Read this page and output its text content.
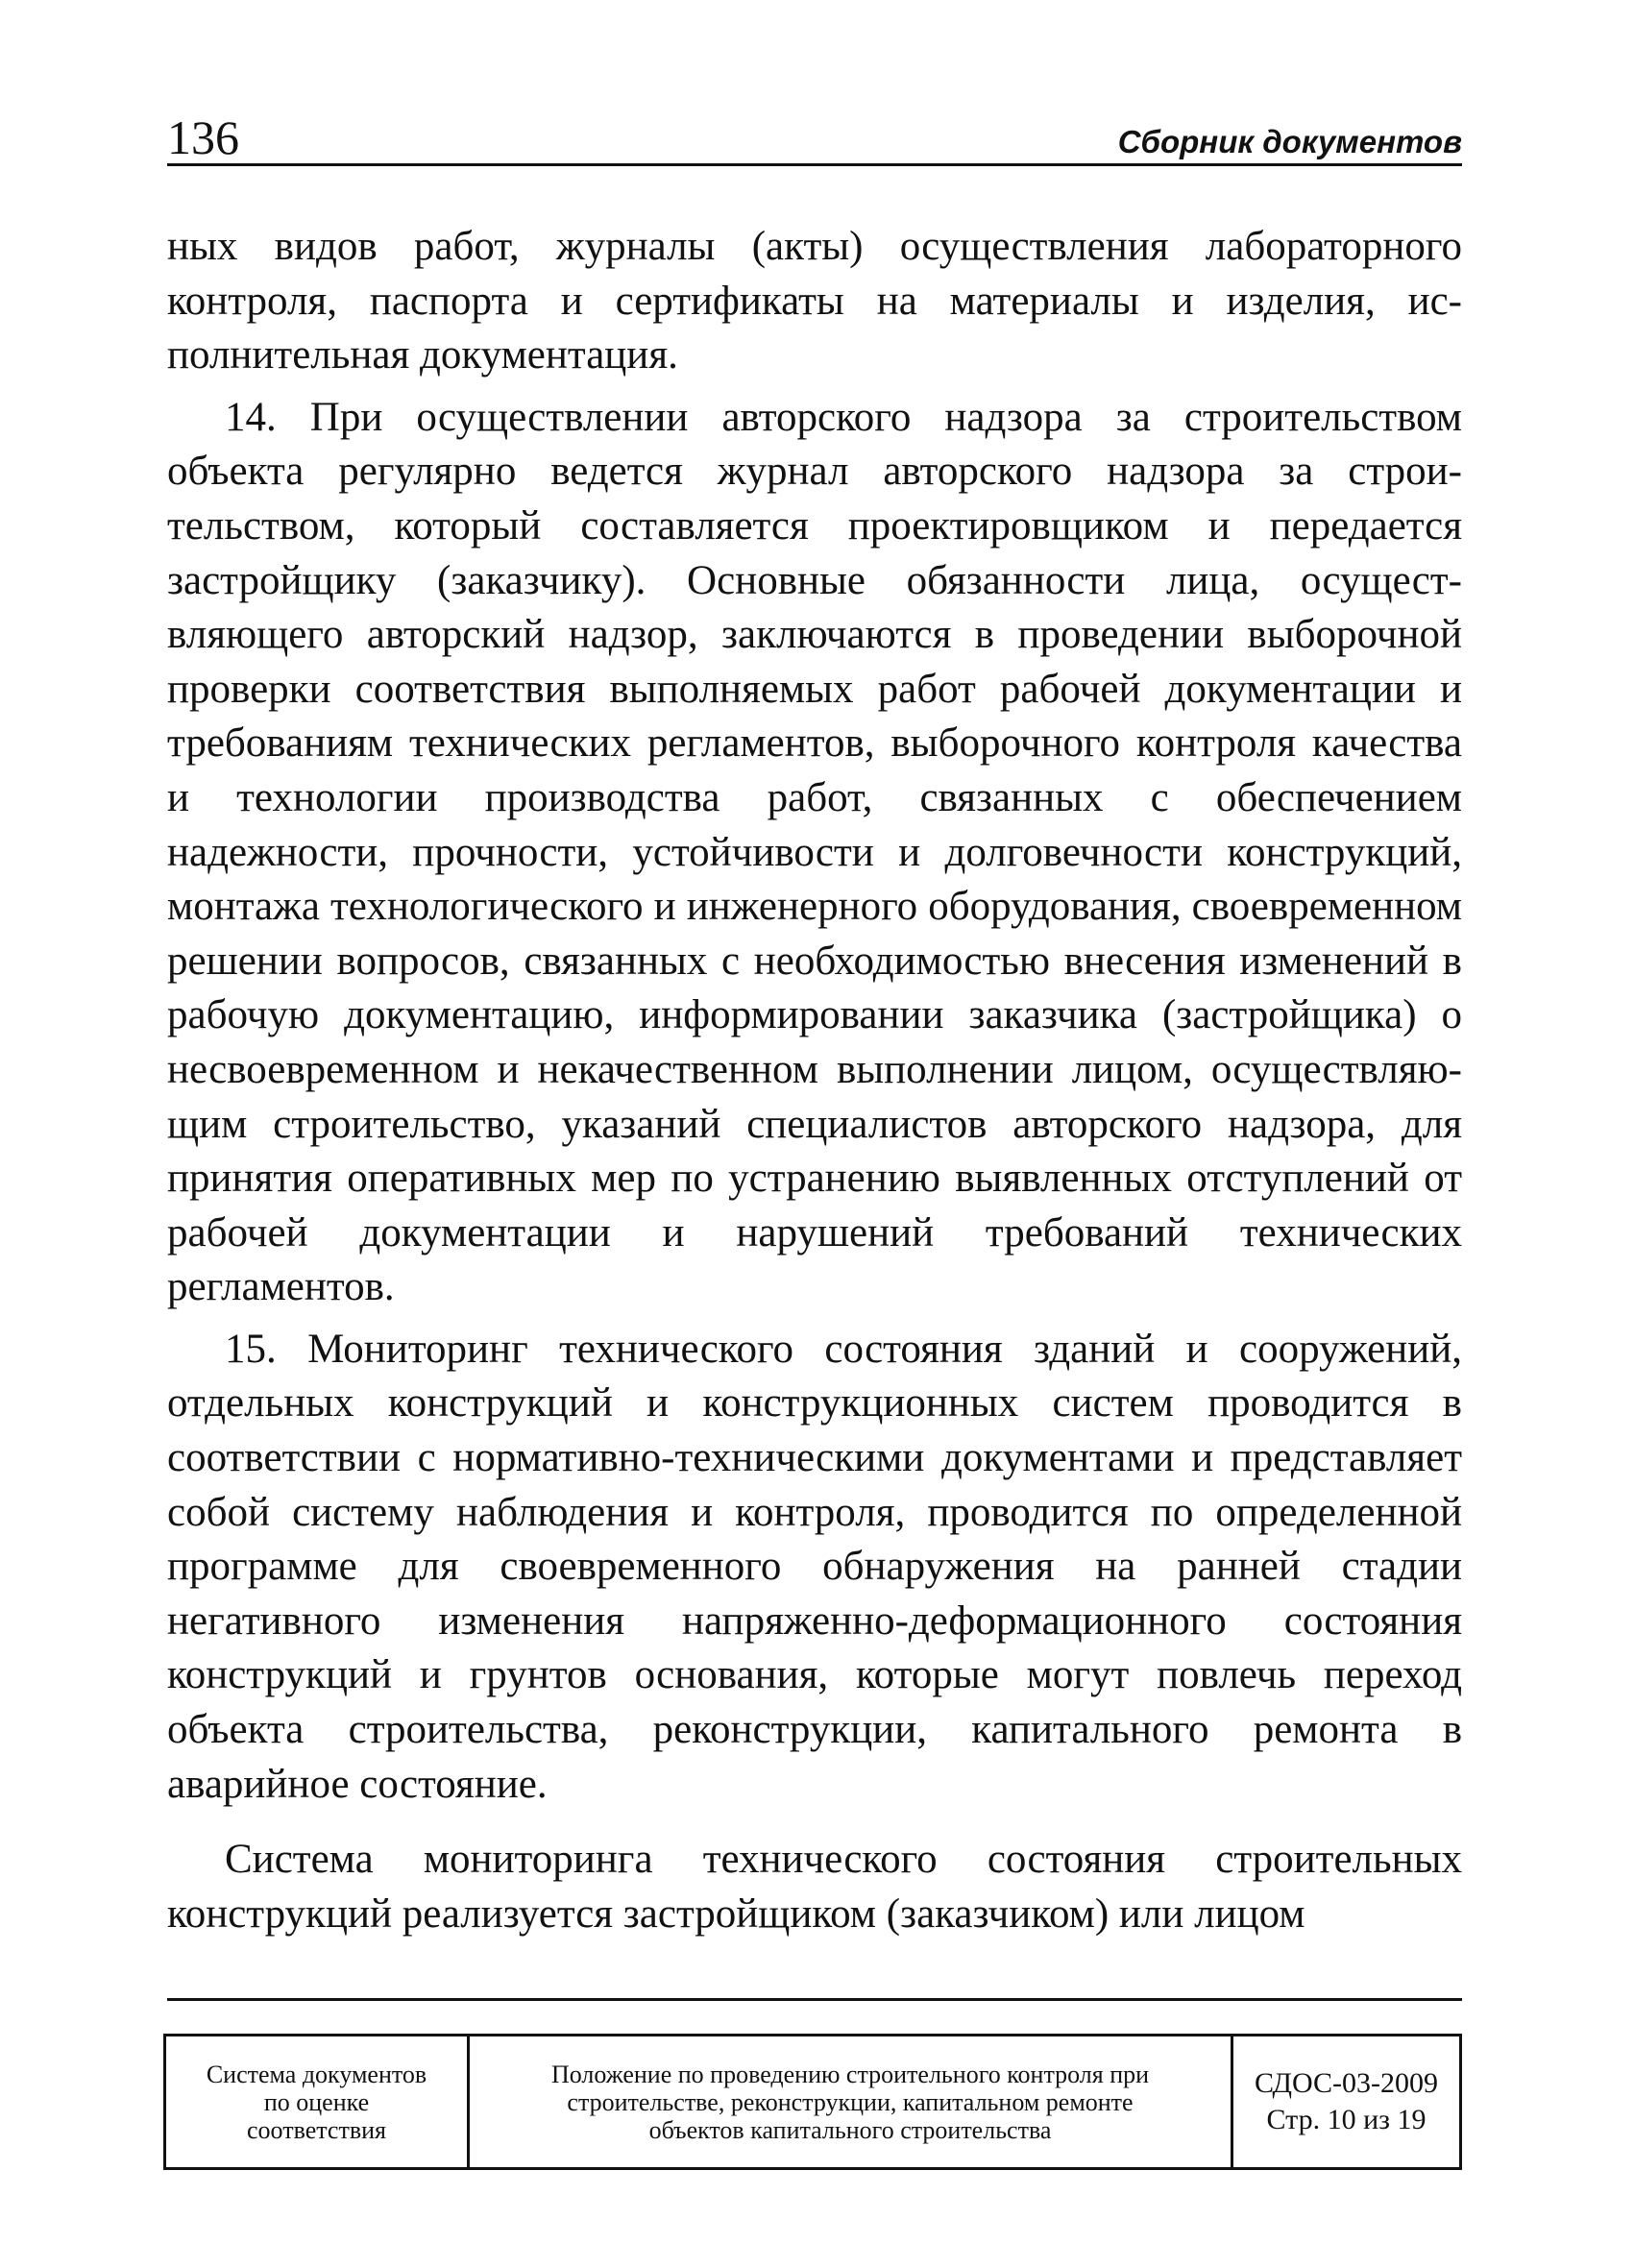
136	Сборник документов

ных видов работ, журналы (акты) осуществления лабораторного контроля, паспорта и сертификаты на материалы и изделия, исполнительная документация.

14. При осуществлении авторского надзора за строительством объекта регулярно ведется журнал авторского надзора за строительством, который составляется проектировщиком и передается застройщику (заказчику). Основные обязанности лица, осуществляющего авторский надзор, заключаются в проведении выборочной проверки соответствия выполняемых работ рабочей документации и требованиям технических регламентов, выборочного контроля качества и технологии производства работ, связанных с обеспечением надежности, прочности, устойчивости и долговечности конструкций, монтажа технологического и инженерного оборудования, своевременном решении вопросов, связанных с необходимостью внесения изменений в рабочую документацию, информировании заказчика (застройщика) о несвоевременном и некачественном выполнении лицом, осуществляющим строительство, указаний специалистов авторского надзора, для принятия оперативных мер по устранению выявленных отступлений от рабочей документации и нарушений требований технических регламентов.

15. Мониторинг технического состояния зданий и сооружений, отдельных конструкций и конструкционных систем проводится в соответствии с нормативно-техническими документами и представляет собой систему наблюдения и контроля, проводится по определенной программе для своевременного обнаружения на ранней стадии негативного изменения напряженно-деформационного состояния конструкций и грунтов основания, которые могут повлечь переход объекта строительства, реконструкции, капитального ремонта в аварийное состояние.

Система мониторинга технического состояния строительных конструкций реализуется застройщиком (заказчиком) или лицом

Система документов
по оценке
соответствия
Положение по проведению строительного контроля при
строительстве, реконструкции, капитальном ремонте
объектов капитального строительства
СДОС-03-2009
Стр. 10 из 19
